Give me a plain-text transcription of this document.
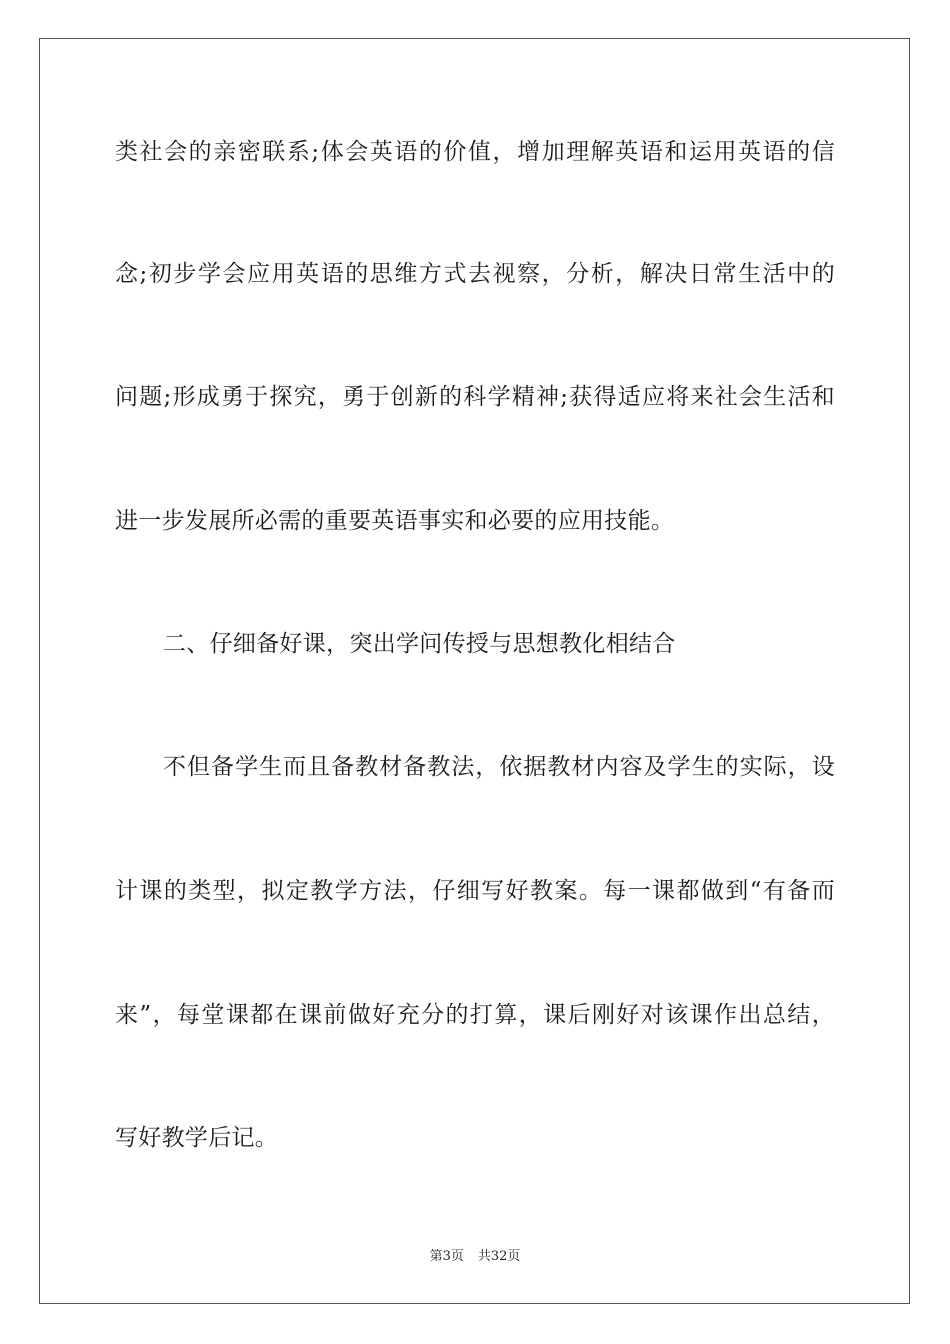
类社会的亲密联系;体会英语的价值，增加理解英语和运用英语的信
念;初步学会应用英语的思维方式去视察，分析，解决日常生活中的
问题;形成勇于探究，勇于创新的科学精神;获得适应将来社会生活和
进一步发展所必需的重要英语事实和必要的应用技能。
二、仔细备好课，突出学问传授与思想教化相结合
不但备学生而且备教材备教法，依据教材内容及学生的实际，设
计课的类型，拟定教学方法，仔细写好教案。每一课都做到“有备而
来”，每堂课都在课前做好充分的打算，课后刚好对该课作出总结，
写好教学后记。
第3页 共32页
